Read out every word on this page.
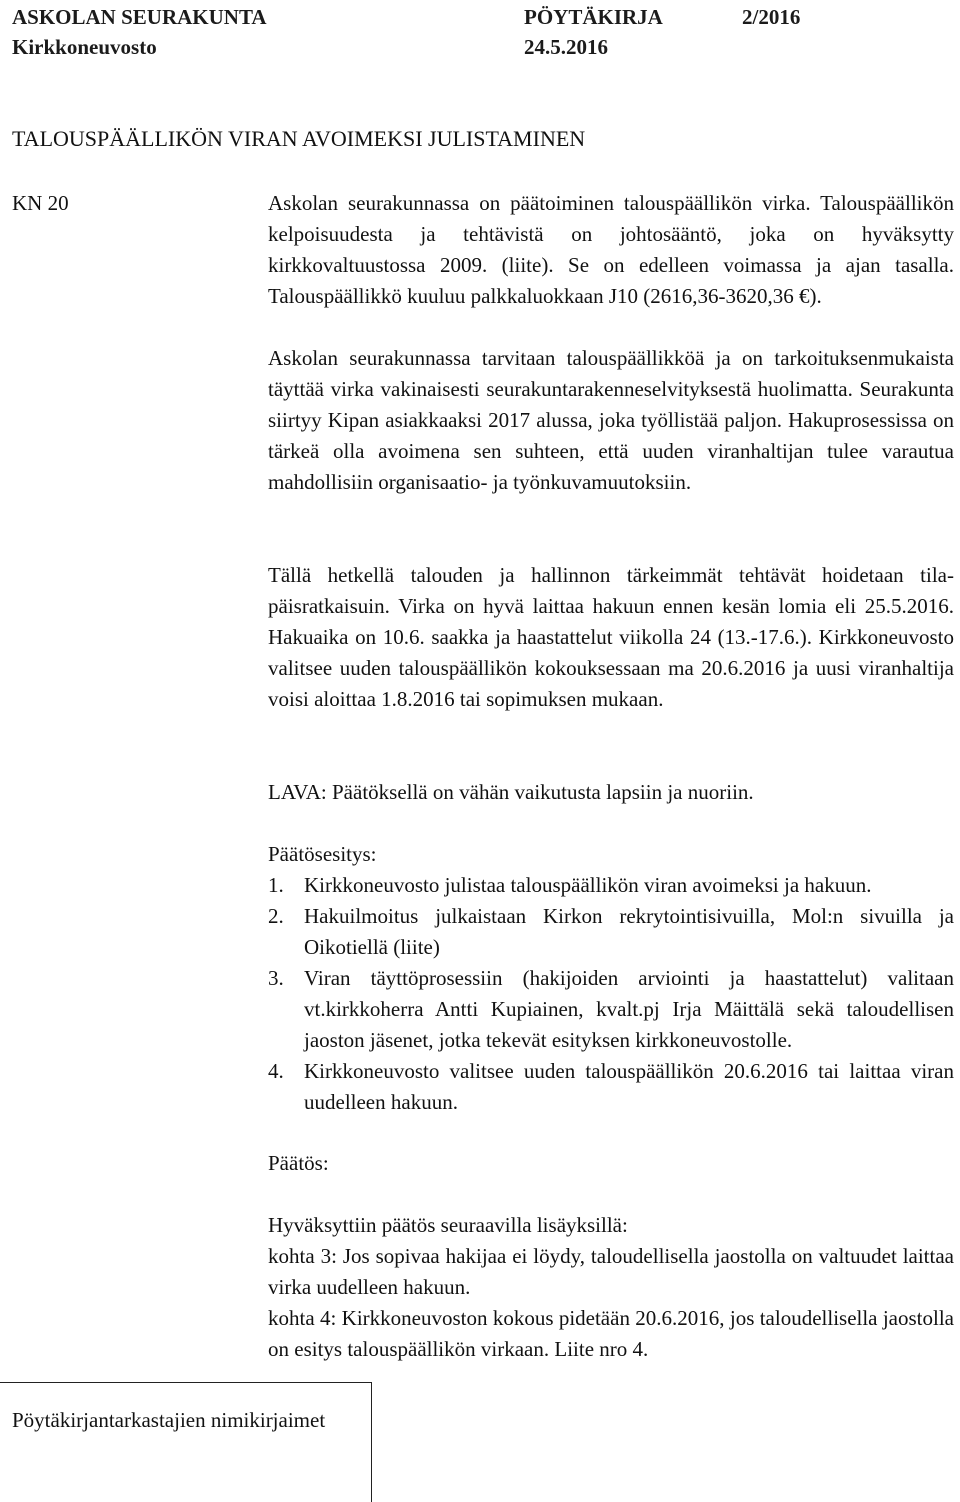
ASKOLAN SEURAKUNTA	PÖYTÄKIRJA	2/2016
Kirkkoneuvosto	24.5.2016
TALOUSPÄÄLLIKÖN VIRAN AVOIMEKSI JULISTAMINEN
KN 20	Askolan seurakunnassa on päätoiminen talouspäällikön virka. Talouspäällikön kelpoisuudesta ja tehtävistä on johtosääntö, joka on hyväksytty kirkkovaltuustossa 2009. (liite). Se on edelleen voimassa ja ajan tasalla. Talouspäällikkö kuuluu palkkaluokkaan J10 (2616,36-3620,36 €).

Askolan seurakunnassa tarvitaan talouspäällikköä ja on tarkoituksenmukaista täyttää virka vakinaisesti seurakuntarakenneselvityksestä huolimatta. Seurakunta siirtyy Kipan asiakkaaksi 2017 alussa, joka työllistää paljon. Hakuprosessissa on tärkeä olla avoimena sen suhteen, että uuden viranhaltijan tulee varautua mahdollisiin organisaatio- ja työnkuvamuutoksiin.

Tällä hetkellä talouden ja hallinnon tärkeimmät tehtävät hoidetaan tilapäisratkaisuin. Virka on hyvä laittaa hakuun ennen kesän lomia eli 25.5.2016. Hakuaika on 10.6. saakka ja haastattelut viikolla 24 (13.-17.6.). Kirkkoneuvosto valitsee uuden talouspäällikön kokouksessaan ma 20.6.2016 ja uusi viranhaltija voisi aloittaa 1.8.2016 tai sopimuksen mukaan.

LAVA: Päätöksellä on vähän vaikutusta lapsiin ja nuoriin.

Päätösesitys:

1. Kirkkoneuvosto julistaa talouspäällikön viran avoimeksi ja hakuun.
2. Hakuilmoitus julkaistaan Kirkon rekrytointisivuilla, Mol:n sivuilla ja Oikotiellä (liite)
3. Viran täyttöprosessiin (hakijoiden arviointi ja haastattelut) valitaan vt.kirkkoherra Antti Kupiainen, kvalt.pj Irja Mäittälä sekä taloudellisen jaoston jäsenet, jotka tekevät esityksen kirkkoneuvostolle.
4. Kirkkoneuvosto valitsee uuden talouspäällikön 20.6.2016 tai laittaa viran uudelleen hakuun.

Päätös:

Hyväksyttiin päätös seuraavilla lisäyksillä:

kohta 3: Jos sopivaa hakijaa ei löydy, taloudellisella jaostolla on valtuudet laittaa virka uudelleen hakuun.

kohta 4: Kirkkoneuvoston kokous pidetään 20.6.2016, jos taloudellisella jaostolla on esitys talouspäällikön virkaan. Liite nro 4.

Pöytäkirjantarkastajien nimikirjaimet
